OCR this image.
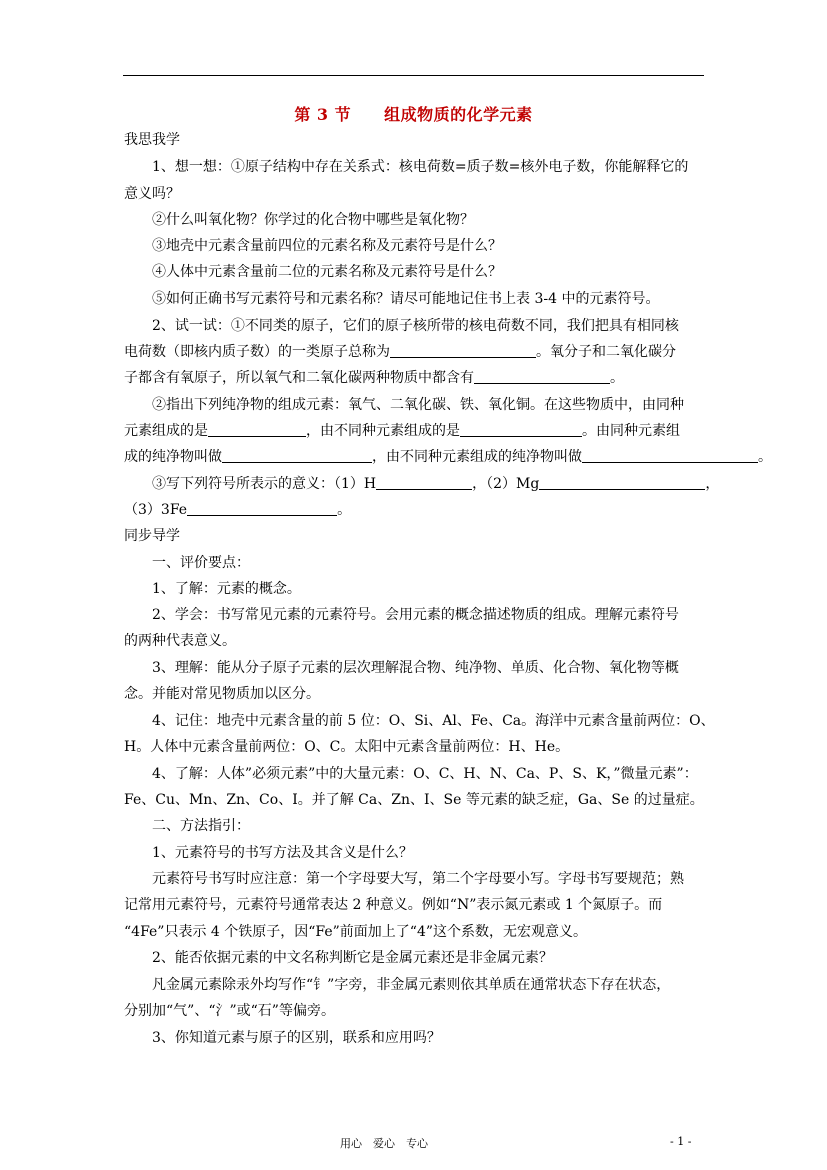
第 3 节　　组成物质的化学元素
我思我学
1、想一想：①原子结构中存在关系式：核电荷数=质子数=核外电子数，你能解释它的
意义吗？
②什么叫氧化物？你学过的化合物中哪些是氧化物？
③地壳中元素含量前四位的元素名称及元素符号是什么？
④人体中元素含量前二位的元素名称及元素符号是什么？
⑤如何正确书写元素符号和元素名称？请尽可能地记住书上表 3-4 中的元素符号。
2、试一试：①不同类的原子，它们的原子核所带的核电荷数不同，我们把具有相同核
电荷数（即核内质子数）的一类原子总称为	。氧分子和二氧化碳分
子都含有氧原子，所以氧气和二氧化碳两种物质中都含有	。
②指出下列纯净物的组成元素：氧气、二氧化碳、铁、氧化铜。在这些物质中，由同种
元素组成的是	，由不同种元素组成的是	。由同种元素组
成的纯净物叫做	，由不同种元素组成的纯净物叫做	。
③写下列符号所表示的意义：（1）H	，（2）Mg	，
（3）3Fe	。
同步导学
一、评价要点：
1、了解：元素的概念。
2、学会：书写常见元素的元素符号。会用元素的概念描述物质的组成。理解元素符号
的两种代表意义。
3、理解：能从分子原子元素的层次理解混合物、纯净物、单质、化合物、氧化物等概
念。并能对常见物质加以区分。
4、记住：地壳中元素含量的前 5 位：O、Si、Al、Fe、Ca。海洋中元素含量前两位：O、
H。人体中元素含量前两位：O、C。太阳中元素含量前两位：H、He。
4、了解：人体”必须元素”中的大量元素：O、C、H、N、Ca、P、S、K，”微量元素”：
Fe、Cu、Mn、Zn、Co、I。并了解 Ca、Zn、I、Se 等元素的缺乏症，Ga、Se 的过量症。
二、方法指引：
1、元素符号的书写方法及其含义是什么？
元素符号书写时应注意：第一个字母要大写，第二个字母要小写。字母书写要规范；熟
记常用元素符号，元素符号通常表达 2 种意义。例如“N”表示氮元素或 1 个氮原子。而
“4Fe”只表示 4 个铁原子，因“Fe”前面加上了“4”这个系数，无宏观意义。
2、能否依据元素的中文名称判断它是金属元素还是非金属元素？
凡金属元素除汞外均写作“钅”字旁，非金属元素则依其单质在通常状态下存在状态，
分别加“气”、“氵”或“石”等偏旁。
3、你知道元素与原子的区别，联系和应用吗？
用心　爱心　专心	- 1 -
